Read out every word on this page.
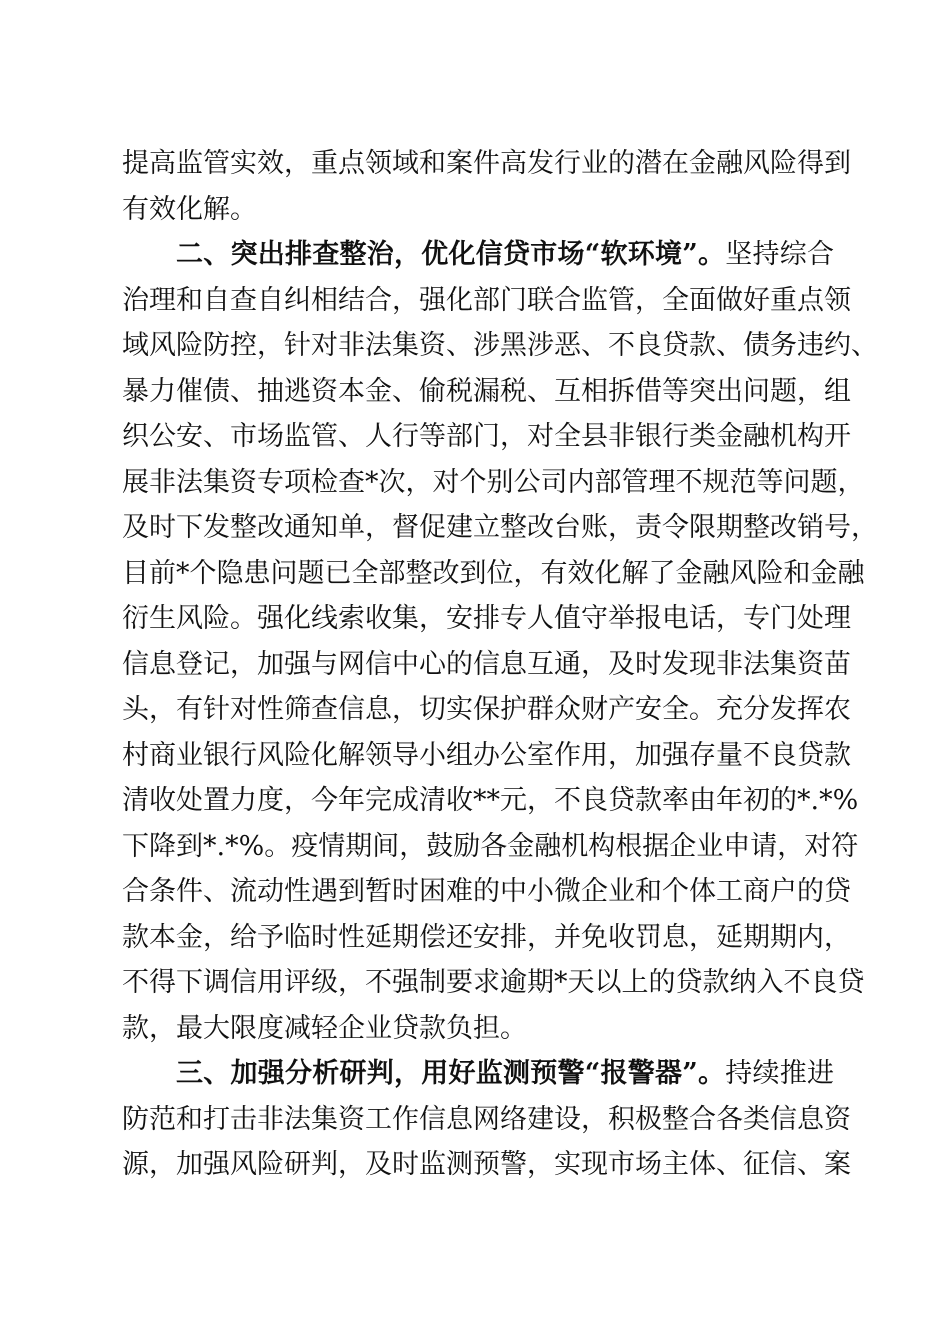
提高监管实效，重点领域和案件高发行业的潜在金融风险得到
有效化解。
二、突出排查整治，优化信贷市场“软环境”。坚持综合
治理和自查自纠相结合，强化部门联合监管，全面做好重点领
域风险防控，针对非法集资、涉黑涉恶、不良贷款、债务违约、
暴力催债、抽逃资本金、偷税漏税、互相拆借等突出问题，组
织公安、市场监管、人行等部门，对全县非银行类金融机构开
展非法集资专项检查*次，对个别公司内部管理不规范等问题，
及时下发整改通知单，督促建立整改台账，责令限期整改销号，
目前*个隐患问题已全部整改到位，有效化解了金融风险和金融
衍生风险。强化线索收集，安排专人值守举报电话，专门处理
信息登记，加强与网信中心的信息互通，及时发现非法集资苗
头，有针对性筛查信息，切实保护群众财产安全。充分发挥农
村商业银行风险化解领导小组办公室作用，加强存量不良贷款
清收处置力度，今年完成清收**元，不良贷款率由年初的*.*%
下降到*.*%。疫情期间，鼓励各金融机构根据企业申请，对符
合条件、流动性遇到暂时困难的中小微企业和个体工商户的贷
款本金，给予临时性延期偿还安排，并免收罚息，延期期内，
不得下调信用评级，不强制要求逾期*天以上的贷款纳入不良贷
款，最大限度减轻企业贷款负担。
三、加强分析研判，用好监测预警“报警器”。持续推进
防范和打击非法集资工作信息网络建设，积极整合各类信息资
源，加强风险研判，及时监测预警，实现市场主体、征信、案
